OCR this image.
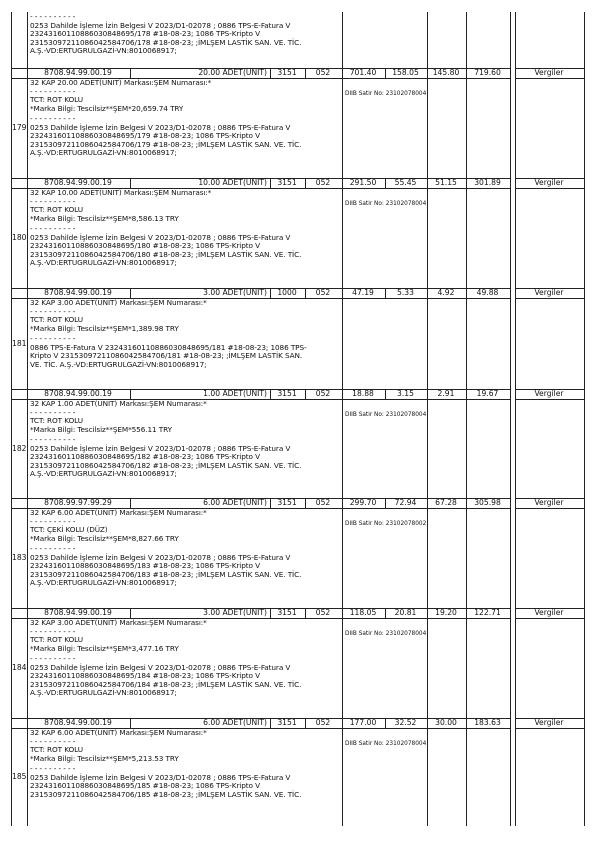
- - - - - - - - - -
0253 Dahilde İşleme İzin Belgesi V 2023/D1-02078 ; 0886 TPS-E-Fatura V
23243160110886030848695/178 #18-08-23; 1086 TPS-Kripto V
23153097211086042584706/178 #18-08-23; ;İMLŞEM LASTİK SAN. VE. TİC.
A.Ş.-VD:ERTUGRULGAZİ-VN:8010068917;
8708.94.99.00.19	20.00 ADET(UNIT)	3151	052	701.40	158.05	145.80	719.60	Vergiler
179
32 KAP 20.00 ADET(UNIT) Markası:ŞEM Numarası:*
- - - - - - - - - -
TCT: ROT KOLU
*Marka Bilgi: Tescilsiz**ŞEM*20,659.74 TRY
- - - - - - - - - -
0253 Dahilde İşleme İzin Belgesi V 2023/D1-02078 ; 0886 TPS-E-Fatura V
23243160110886030848695/179 #18-08-23; 1086 TPS-Kripto V
23153097211086042584706/179 #18-08-23; ;İMLŞEM LASTİK SAN. VE. TİC.
A.Ş.-VD:ERTUGRULGAZİ-VN:8010068917;
DIIB Satir No: 23102078004
8708.94.99.00.19	10.00 ADET(UNIT)	3151	052	291.50	55.45	51.15	301.89	Vergiler
180
32 KAP 10.00 ADET(UNIT) Markası:ŞEM Numarası:*
- - - - - - - - - -
TCT: ROT KOLU
*Marka Bilgi: Tescilsiz**ŞEM*8,586.13 TRY
- - - - - - - - - -
0253 Dahilde İşleme İzin Belgesi V 2023/D1-02078 ; 0886 TPS-E-Fatura V
23243160110886030848695/180 #18-08-23; 1086 TPS-Kripto V
23153097211086042584706/180 #18-08-23; ;İMLŞEM LASTİK SAN. VE. TİC.
A.Ş.-VD:ERTUGRULGAZİ-VN:8010068917;
DIIB Satir No: 23102078004
8708.94.99.00.19	3.00 ADET(UNIT)	1000	052	47.19	5.33	4.92	49.88	Vergiler
181
32 KAP 3.00 ADET(UNIT) Markası:ŞEM Numarası:*
- - - - - - - - - -
TCT: ROT KOLU
*Marka Bilgi: Tescilsiz**ŞEM*1,389.98 TRY
- - - - - - - - - -
0886 TPS-E-Fatura V 23243160110886030848695/181 #18-08-23; 1086 TPS-
Kripto V 23153097211086042584706/181 #18-08-23; ;İMLŞEM LASTİK SAN.
VE. TİC. A.Ş.-VD:ERTUGRULGAZİ-VN:8010068917;
8708.94.99.00.19	1.00 ADET(UNIT)	3151	052	18.88	3.15	2.91	19.67	Vergiler
182
32 KAP 1.00 ADET(UNIT) Markası:ŞEM Numarası:*
- - - - - - - - - -
TCT: ROT KOLU
*Marka Bilgi: Tescilsiz**ŞEM*556.11 TRY
- - - - - - - - - -
0253 Dahilde İşleme İzin Belgesi V 2023/D1-02078 ; 0886 TPS-E-Fatura V
23243160110886030848695/182 #18-08-23; 1086 TPS-Kripto V
23153097211086042584706/182 #18-08-23; ;İMLŞEM LASTİK SAN. VE. TİC.
A.Ş.-VD:ERTUGRULGAZİ-VN:8010068917;
DIIB Satir No: 23102078004
8708.99.97.99.29	6.00 ADET(UNIT)	3151	052	299.70	72.94	67.28	305.98	Vergiler
183
32 KAP 6.00 ADET(UNIT) Markası:ŞEM Numarası:*
- - - - - - - - - -
TCT: ÇEKİ KOLU (DÜZ)
*Marka Bilgi: Tescilsiz**ŞEM*8,827.66 TRY
- - - - - - - - - -
0253 Dahilde İşleme İzin Belgesi V 2023/D1-02078 ; 0886 TPS-E-Fatura V
23243160110886030848695/183 #18-08-23; 1086 TPS-Kripto V
23153097211086042584706/183 #18-08-23; ;İMLŞEM LASTİK SAN. VE. TİC.
A.Ş.-VD:ERTUGRULGAZİ-VN:8010068917;
DIIB Satir No: 23102078002
8708.94.99.00.19	3.00 ADET(UNIT)	3151	052	118.05	20.81	19.20	122.71	Vergiler
184
32 KAP 3.00 ADET(UNIT) Markası:ŞEM Numarası:*
- - - - - - - - - -
TCT: ROT KOLU
*Marka Bilgi: Tescilsiz**ŞEM*3,477.16 TRY
- - - - - - - - - -
0253 Dahilde İşleme İzin Belgesi V 2023/D1-02078 ; 0886 TPS-E-Fatura V
23243160110886030848695/184 #18-08-23; 1086 TPS-Kripto V
23153097211086042584706/184 #18-08-23; ;İMLŞEM LASTİK SAN. VE. TİC.
A.Ş.-VD:ERTUGRULGAZİ-VN:8010068917;
DIIB Satir No: 23102078004
8708.94.99.00.19	6.00 ADET(UNIT)	3151	052	177.00	32.52	30.00	183.63	Vergiler
185
32 KAP 6.00 ADET(UNIT) Markası:ŞEM Numarası:*
- - - - - - - - - -
TCT: ROT KOLU
*Marka Bilgi: Tescilsiz**ŞEM*5,213.53 TRY
- - - - - - - - - -
0253 Dahilde İşleme İzin Belgesi V 2023/D1-02078 ; 0886 TPS-E-Fatura V
23243160110886030848695/185 #18-08-23; 1086 TPS-Kripto V
23153097211086042584706/185 #18-08-23; ;İMLŞEM LASTİK SAN. VE. TİC.
DIIB Satir No: 23102078004
